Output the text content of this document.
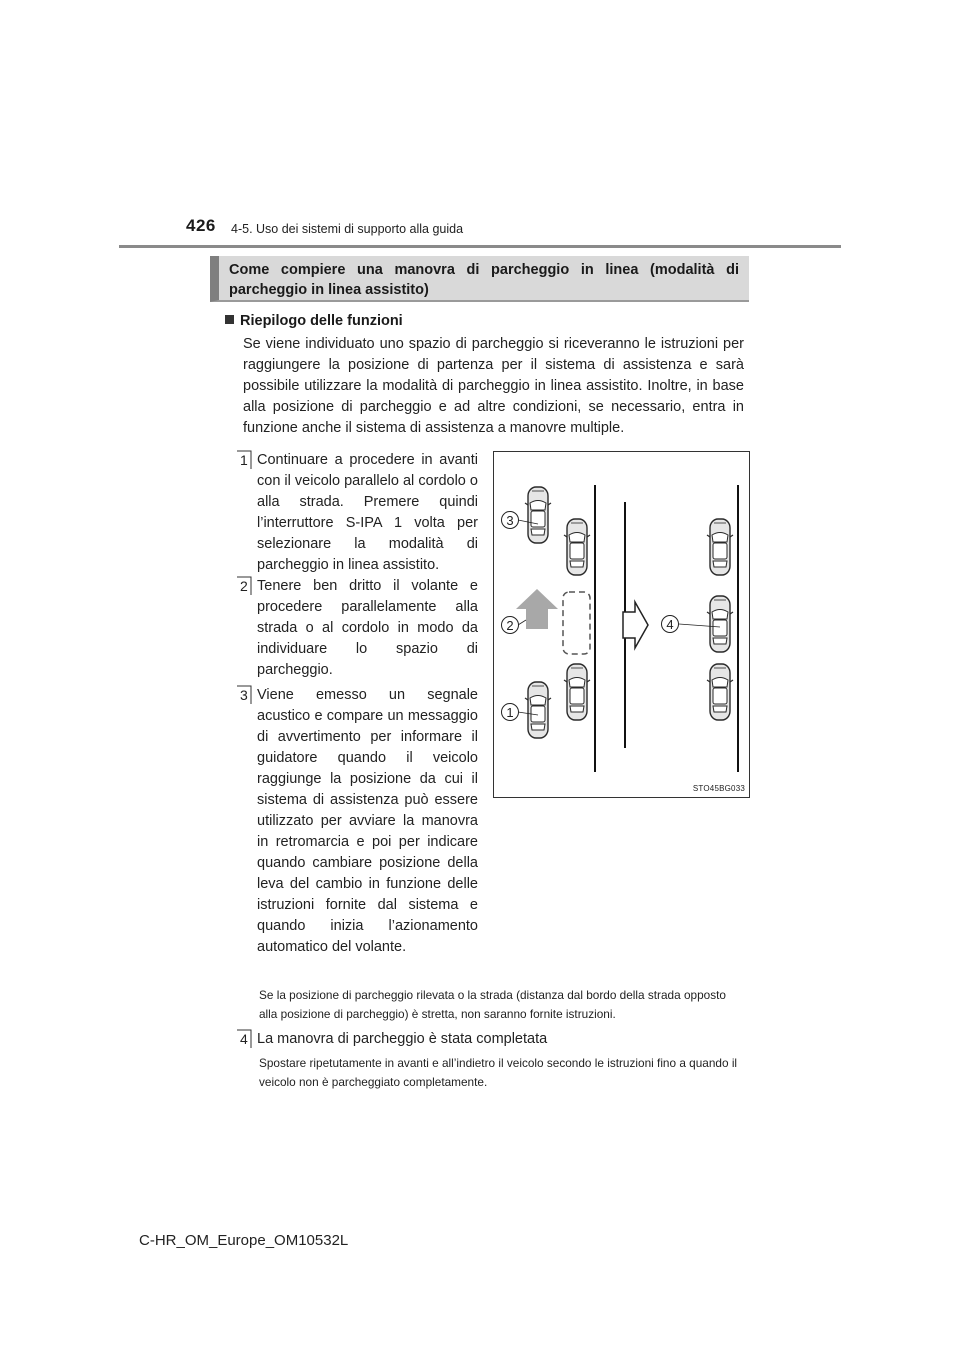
426 4-5. Uso dei sistemi di supporto alla guida
Come compiere una manovra di parcheggio in linea (modalità di parcheggio in linea assistito)
Riepilogo delle funzioni
Se viene individuato uno spazio di parcheggio si riceveranno le istruzioni per raggiungere la posizione di partenza per il sistema di assistenza e sarà possibile utilizzare la modalità di parcheggio in linea assistito. Inoltre, in base alla posizione di parcheggio e ad altre condizioni, se necessario, entra in funzione anche il sistema di assistenza a manovre multiple.
1 Continuare a procedere in avanti con il veicolo parallelo al cordolo o alla strada. Premere quindi l’interruttore S-IPA 1 volta per selezionare la modalità di parcheggio in linea assistito.
2 Tenere ben dritto il volante e procedere parallelamente alla strada o al cordolo in modo da individuare lo spazio di parcheggio.
3 Viene emesso un segnale acustico e compare un messaggio di avvertimento per informare il guidatore quando il veicolo raggiunge la posizione da cui il sistema di assistenza può essere utilizzato per avviare la manovra in retromarcia e poi per indicare quando cambiare posizione della leva del cambio in funzione delle istruzioni fornite dal sistema e quando inizia l’azionamento automatico del volante.
Se la posizione di parcheggio rilevata o la strada (distanza dal bordo della strada opposto alla posizione di parcheggio) è stretta, non saranno fornite istruzioni.
4 La manovra di parcheggio è stata completata
Spostare ripetutamente in avanti e all’indietro il veicolo secondo le istruzioni fino a quando il veicolo non è parcheggiato completamente.
3
2
1
4
STO45BG033
C-HR_OM_Europe_OM10532L
